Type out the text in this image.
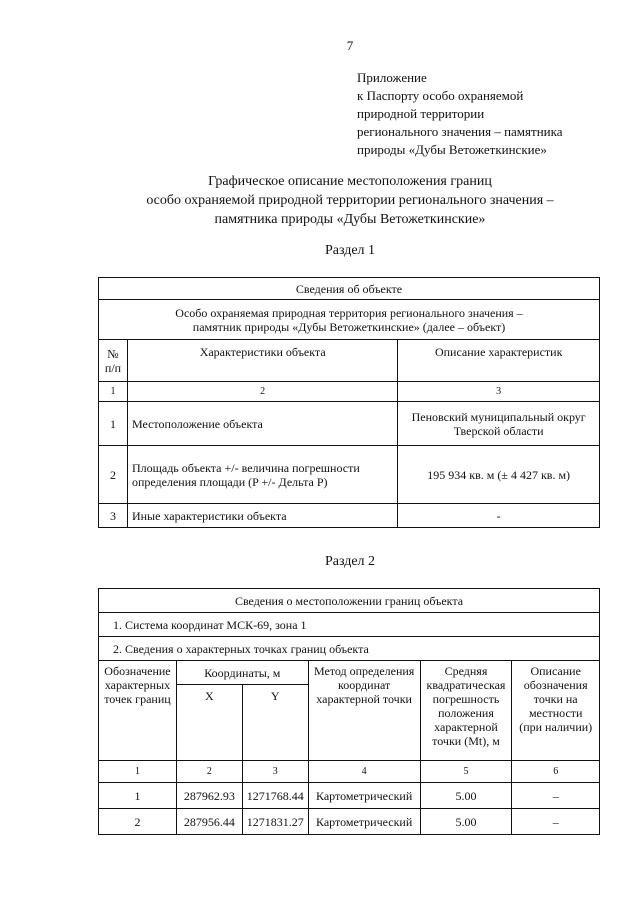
7
Приложение
к Паспорту особо охраняемой
природной территории
регионального значения – памятника
природы «Дубы Ветожеткинские»
Графическое описание местоположения границ
особо охраняемой природной территории регионального значения –
памятника природы «Дубы Ветожеткинские»
Раздел 1
Сведения об объекте		

Особо охраняемая природная территория регионального значения –
памятник природы «Дубы Ветожеткинские» (далее – объект)		

№ п/п	Характеристики объекта	Описание характеристик
1	2	3
1	Местоположение объекта	Пеновский муниципальный округ Тверской области
2	Площадь объекта +/- величина погрешности определения площади (P +/- Дельта P)	195 934 кв. м (± 4 427 кв. м)
3	Иные характеристики объекта	-
Раздел 2
Сведения о местоположении границ объекта					
1. Система координат МСК-69, зона 1					
2. Сведения о характерных точках границ объекта					
Обозначение характерных точек границ	Координаты, м		Метод определения координат характерной точки	Средняя квадратическая погрешность положения характерной точки (Mt), м	Описание обозначения точки на местности (при наличии)
	X	Y			
1	2	3	4	5	6
1	287962.93	1271768.44	Картометрический	5.00	–
2	287956.44	1271831.27	Картометрический	5.00	–
